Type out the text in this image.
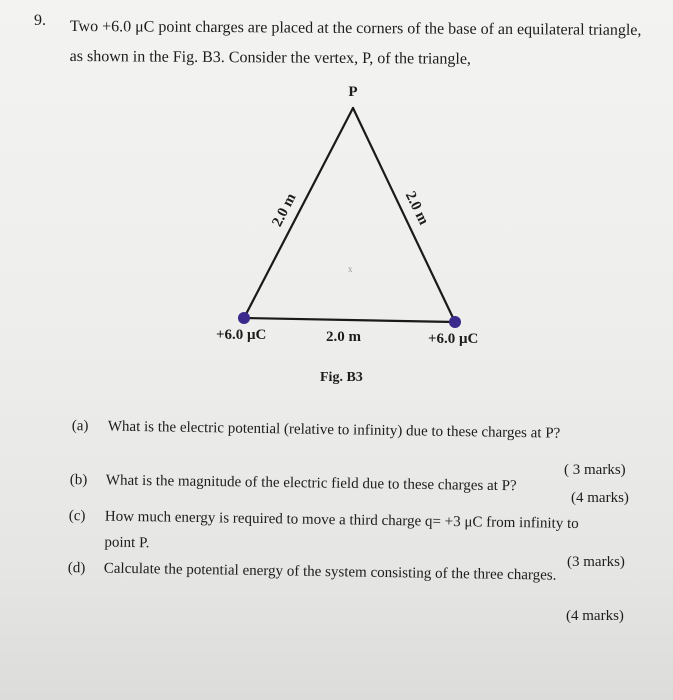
9. Two +6.0 μC point charges are placed at the corners of the base of an equilateral triangle,
as shown in the Fig. B3. Consider the vertex, P, of the triangle,
P
2.0 m	2.0 m
x
+6.0 μC	2.0 m	+6.0 μC
Fig. B3
(a) What is the electric potential (relative to infinity) due to these charges at P?
( 3 marks)
(b) What is the magnitude of the electric field due to these charges at P?
(4 marks)
(c) How much energy is required to move a third charge q= +3 μC from infinity to
point P.
(3 marks)
(d) Calculate the potential energy of the system consisting of the three charges.
(4 marks)
